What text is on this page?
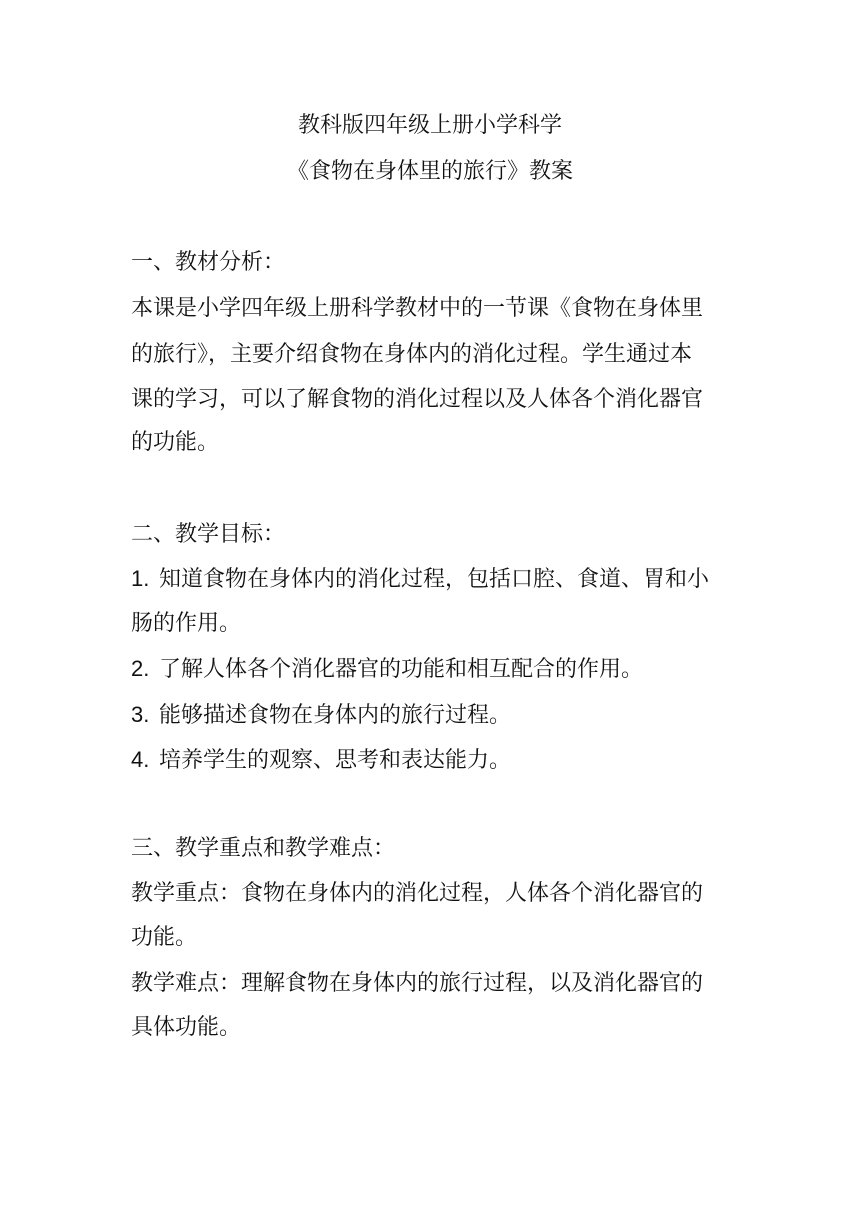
教科版四年级上册小学科学
《食物在身体里的旅行》教案
一、教材分析：
本课是小学四年级上册科学教材中的一节课《食物在身体里
的旅行》，主要介绍食物在身体内的消化过程。学生通过本
课的学习，可以了解食物的消化过程以及人体各个消化器官
的功能。
二、教学目标：
1. 知道食物在身体内的消化过程，包括口腔、食道、胃和小
肠的作用。
2. 了解人体各个消化器官的功能和相互配合的作用。
3. 能够描述食物在身体内的旅行过程。
4. 培养学生的观察、思考和表达能力。
三、教学重点和教学难点：
教学重点：食物在身体内的消化过程，人体各个消化器官的
功能。
教学难点：理解食物在身体内的旅行过程，以及消化器官的
具体功能。
